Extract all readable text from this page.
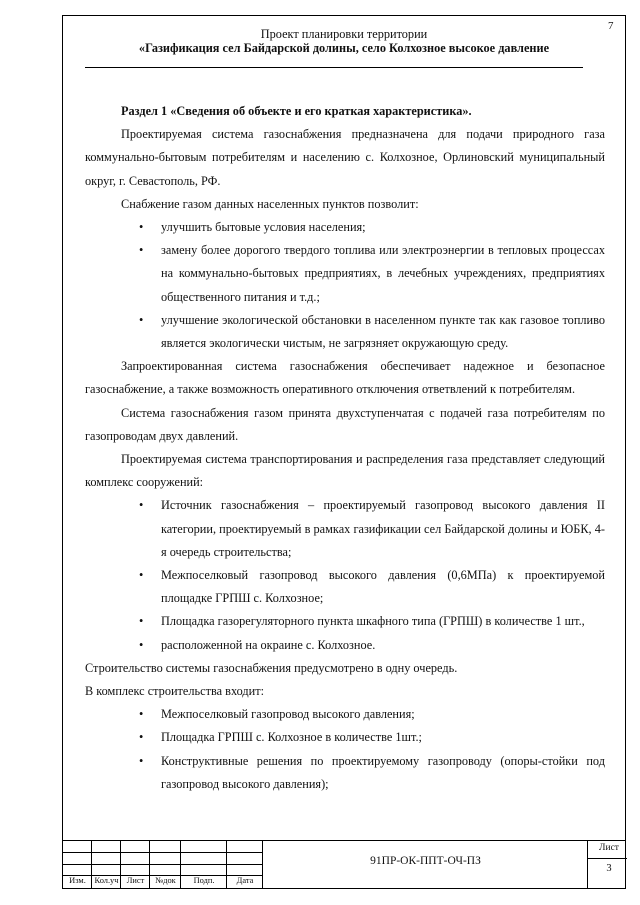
7
Проект планировки территории
«Газификация сел Байдарской долины, село Колхозное высокое давление

Раздел 1 «Сведения об объекте и его краткая характеристика».

Проектируемая система газоснабжения предназначена для подачи природного газа коммунально-бытовым потребителям и населению с. Колхозное, Орлиновский муниципальный округ, г. Севастополь, РФ.

Снабжение газом данных населенных пунктов позволит:

• улучшить бытовые условия населения;
• замену более дорогого твердого топлива или электроэнергии в тепловых процессах на коммунально-бытовых предприятиях, в лечебных учреждениях, предприятиях общественного питания и т.д.;
• улучшение экологической обстановки в населенном пункте так как газовое топливо является экологически чистым, не загрязняет окружающую среду.

Запроектированная система газоснабжения обеспечивает надежное и безопасное газоснабжение, а также возможность оперативного отключения ответвлений к потребителям.

Система газоснабжения газом принята двухступенчатая с подачей газа потребителям по газопроводам двух давлений.

Проектируемая система транспортирования и распределения газа представляет следующий комплекс сооружений:

• Источник газоснабжения – проектируемый газопровод высокого давления II категории, проектируемый в рамках газификации сел Байдарской долины и ЮБК, 4-я очередь строительства;
• Межпоселковый газопровод высокого давления (0,6МПа) к проектируемой площадке ГРПШ с. Колхозное;
• Площадка газорегуляторного пункта шкафного типа (ГРПШ) в количестве 1 шт.,
• расположенной на окраине с. Колхозное.

Строительство системы газоснабжения предусмотрено в одну очередь.

В комплекс строительства входит:

• Межпоселковый газопровод высокого давления;
• Площадка ГРПШ с. Колхозное в количестве 1шт.;
• Конструктивные решения по проектируемому газопроводу (опоры-стойки под газопровод высокого давления);
Изм.	Кол.уч Лист	№док	Подп.	Дата
91ПР-ОК-ППТ-ОЧ-ПЗ
Лист
3
